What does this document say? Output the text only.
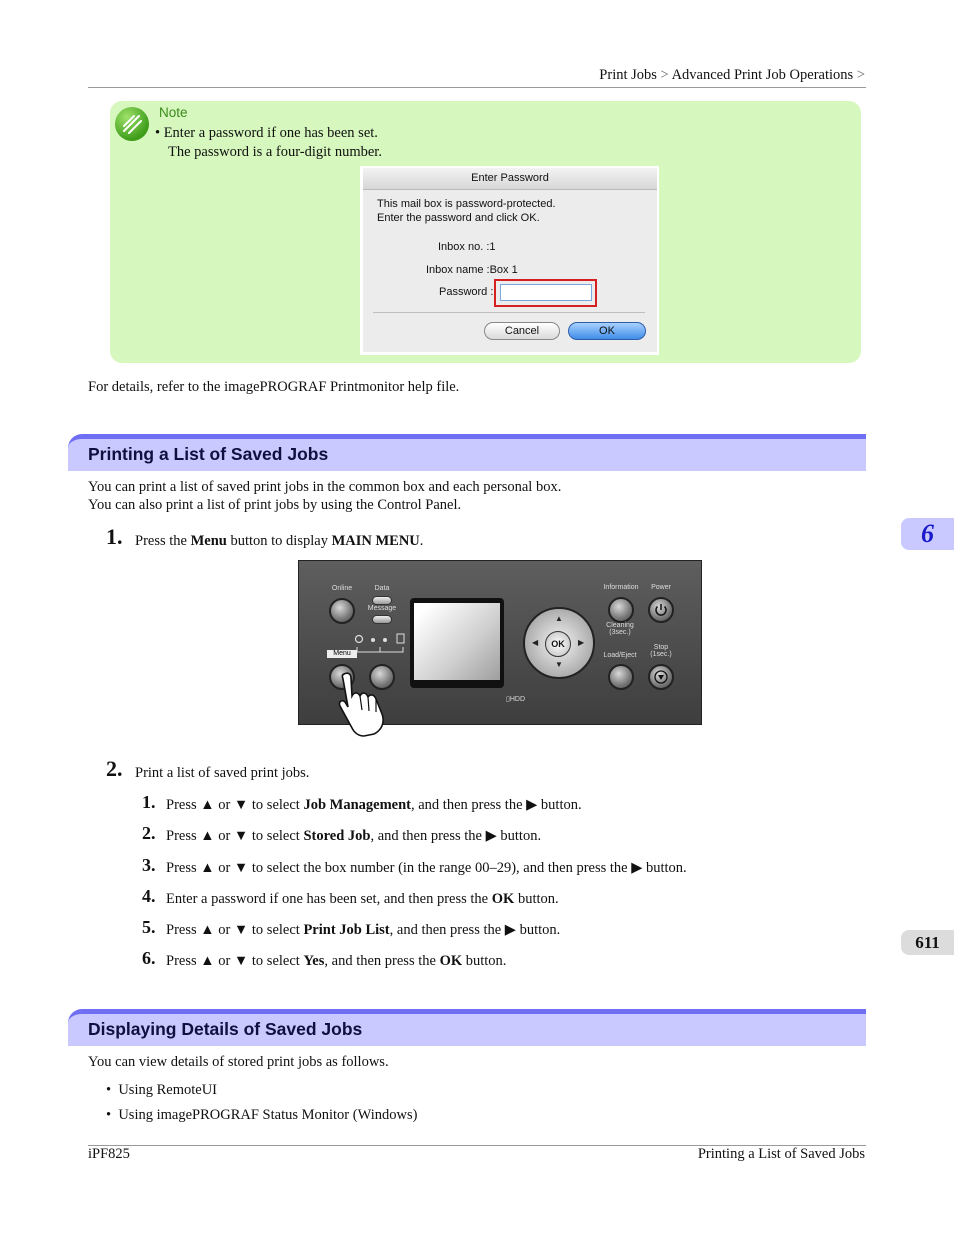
Print Jobs > Advanced Print Job Operations >
Note
• Enter a password if one has been set.
The password is a four-digit number.
Enter Password
This mail box is password-protected.
Enter the password and click OK.
Inbox no. :1
Inbox name :Box 1
Password :
Cancel	OK
For details, refer to the imagePROGRAF Printmonitor help file.
Printing a List of Saved Jobs
You can print a list of saved print jobs in the common box and each personal box.
You can also print a list of print jobs by using the Control Panel.
1. Press the Menu button to display MAIN MENU.
Online	Data
Message
Menu
▲
▼
◀	▶
OK
▯HDD
Information	Power
Cleaning
(3sec.)
Load/Eject
Stop
(1sec.)
2. Print a list of saved print jobs.
1. Press ▲ or ▼ to select Job Management, and then press the ▶ button.
2. Press ▲ or ▼ to select Stored Job, and then press the ▶ button.
3. Press ▲ or ▼ to select the box number (in the range 00–29), and then press the ▶ button.
4. Enter a password if one has been set, and then press the OK button.
5. Press ▲ or ▼ to select Print Job List, and then press the ▶ button.
6. Press ▲ or ▼ to select Yes, and then press the OK button.
Displaying Details of Saved Jobs
You can view details of stored print jobs as follows.
•  Using RemoteUI
•  Using imagePROGRAF Status Monitor (Windows)
6
611
iPF825	Printing a List of Saved Jobs
